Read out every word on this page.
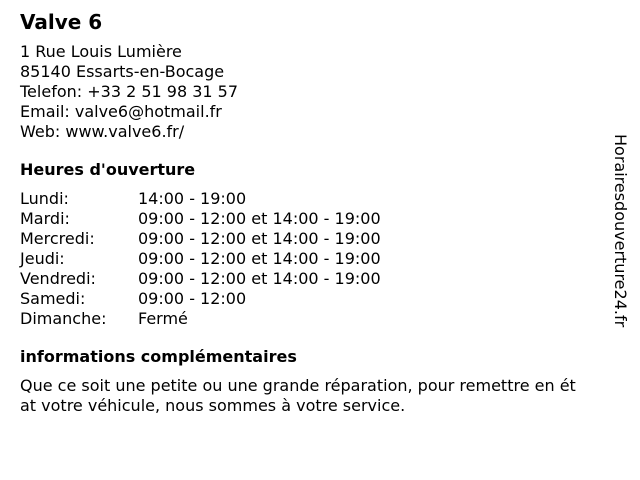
Valve 6
1 Rue Louis Lumière
85140 Essarts-en-Bocage
Telefon: +33 2 51 98 31 57
Email: valve6@hotmail.fr
Web: www.valve6.fr/
Heures d'ouverture
Lundi:	14:00 - 19:00
Mardi:	09:00 - 12:00 et 14:00 - 19:00
Mercredi:	09:00 - 12:00 et 14:00 - 19:00
Jeudi:	09:00 - 12:00 et 14:00 - 19:00
Vendredi:	09:00 - 12:00 et 14:00 - 19:00
Samedi:	09:00 - 12:00
Dimanche:	Fermé
informations complémentaires
Que ce soit une petite ou une grande réparation, pour remettre en ét
at votre véhicule, nous sommes à votre service.
Horairesdouverture24.fr
